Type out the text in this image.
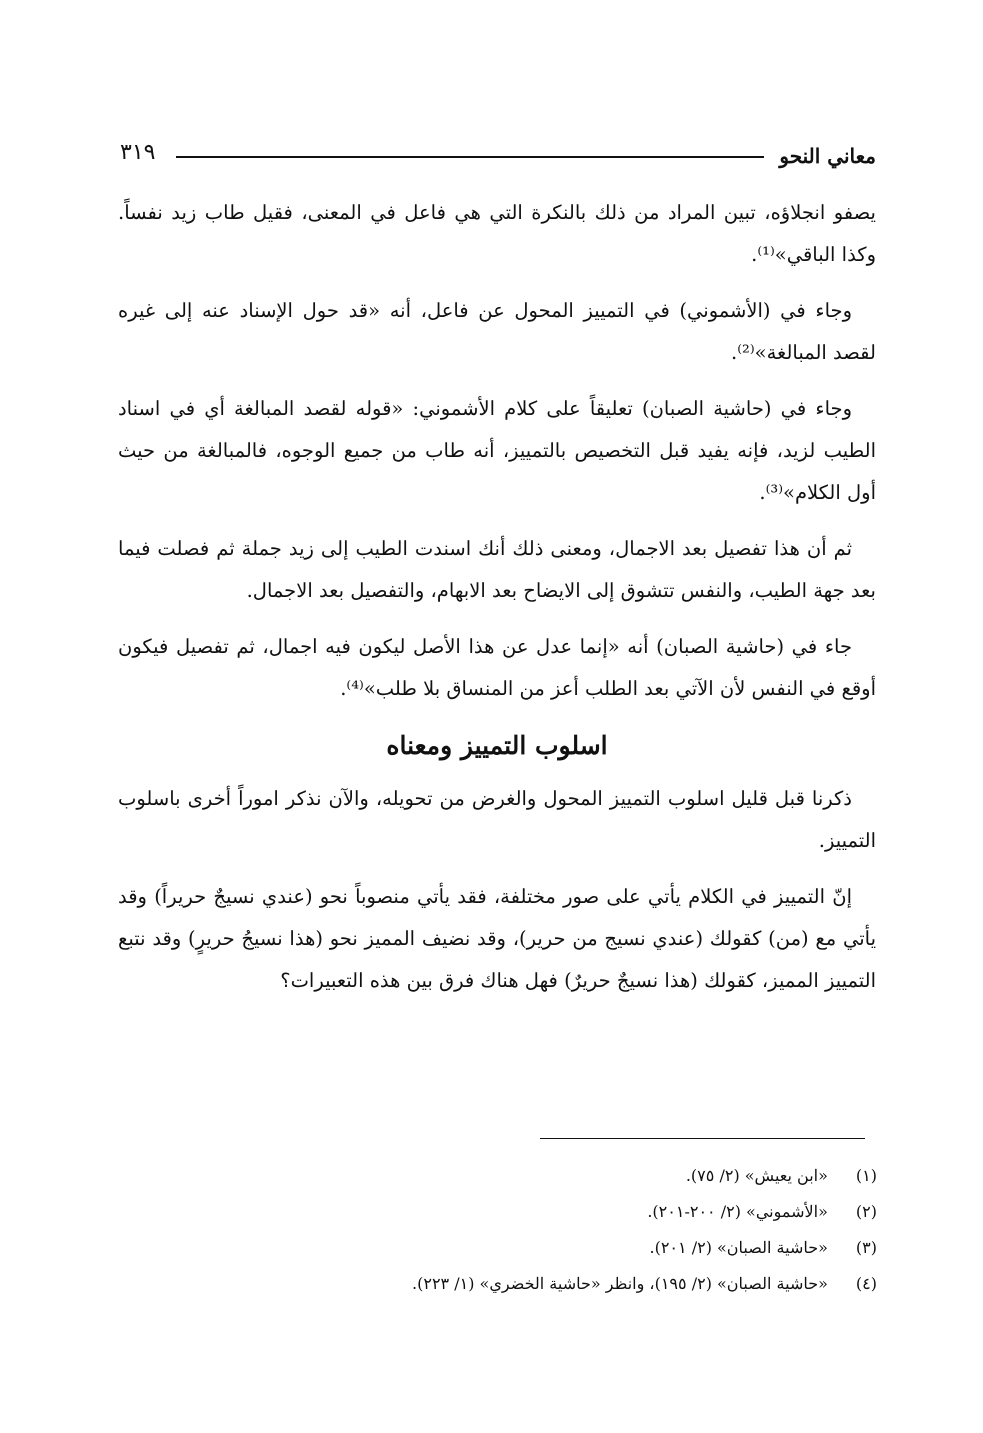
معاني النحو
٣١٩

يصفو انجلاؤه، تبين المراد من ذلك بالنكرة التي هي فاعل في المعنى، فقيل طاب زيد نفساً. وكذا الباقي»⁽¹⁾.

وجاء في (الأشموني) في التمييز المحول عن فاعل، أنه «قد حول الإسناد عنه إلى غيره لقصد المبالغة»⁽²⁾.

وجاء في (حاشية الصبان) تعليقاً على كلام الأشموني: «قوله لقصد المبالغة أي في اسناد الطيب لزيد، فإنه يفيد قبل التخصيص بالتمييز، أنه طاب من جميع الوجوه، فالمبالغة من حيث أول الكلام»⁽³⁾.

ثم أن هذا تفصيل بعد الاجمال، ومعنى ذلك أنك اسندت الطيب إلى زيد جملة ثم فصلت فيما بعد جهة الطيب، والنفس تتشوق إلى الايضاح بعد الابهام، والتفصيل بعد الاجمال.

جاء في (حاشية الصبان) أنه «إنما عدل عن هذا الأصل ليكون فيه اجمال، ثم تفصيل فيكون أوقع في النفس لأن الآتي بعد الطلب أعز من المنساق بلا طلب»⁽⁴⁾.

اسلوب التمييز ومعناه

ذكرنا قبل قليل اسلوب التمييز المحول والغرض من تحويله، والآن نذكر اموراً أخرى باسلوب التمييز.

إنّ التمييز في الكلام يأتي على صور مختلفة، فقد يأتي منصوباً نحو (عندي نسيجٌ حريراً) وقد يأتي مع (من) كقولك (عندي نسيج من حرير)، وقد نضيف المميز نحو (هذا نسيجُ حريرٍ) وقد نتبع التمييز المميز، كقولك (هذا نسيجٌ حريرٌ) فهل هناك فرق بين هذه التعبيرات؟

(١) «ابن يعيش» (٢/ ٧٥).
(٢) «الأشموني» (٢/ ٢٠٠-٢٠١).
(٣) «حاشية الصبان» (٢/ ٢٠١).
(٤) «حاشية الصبان» (٢/ ١٩٥)، وانظر «حاشية الخضري» (١/ ٢٢٣).
